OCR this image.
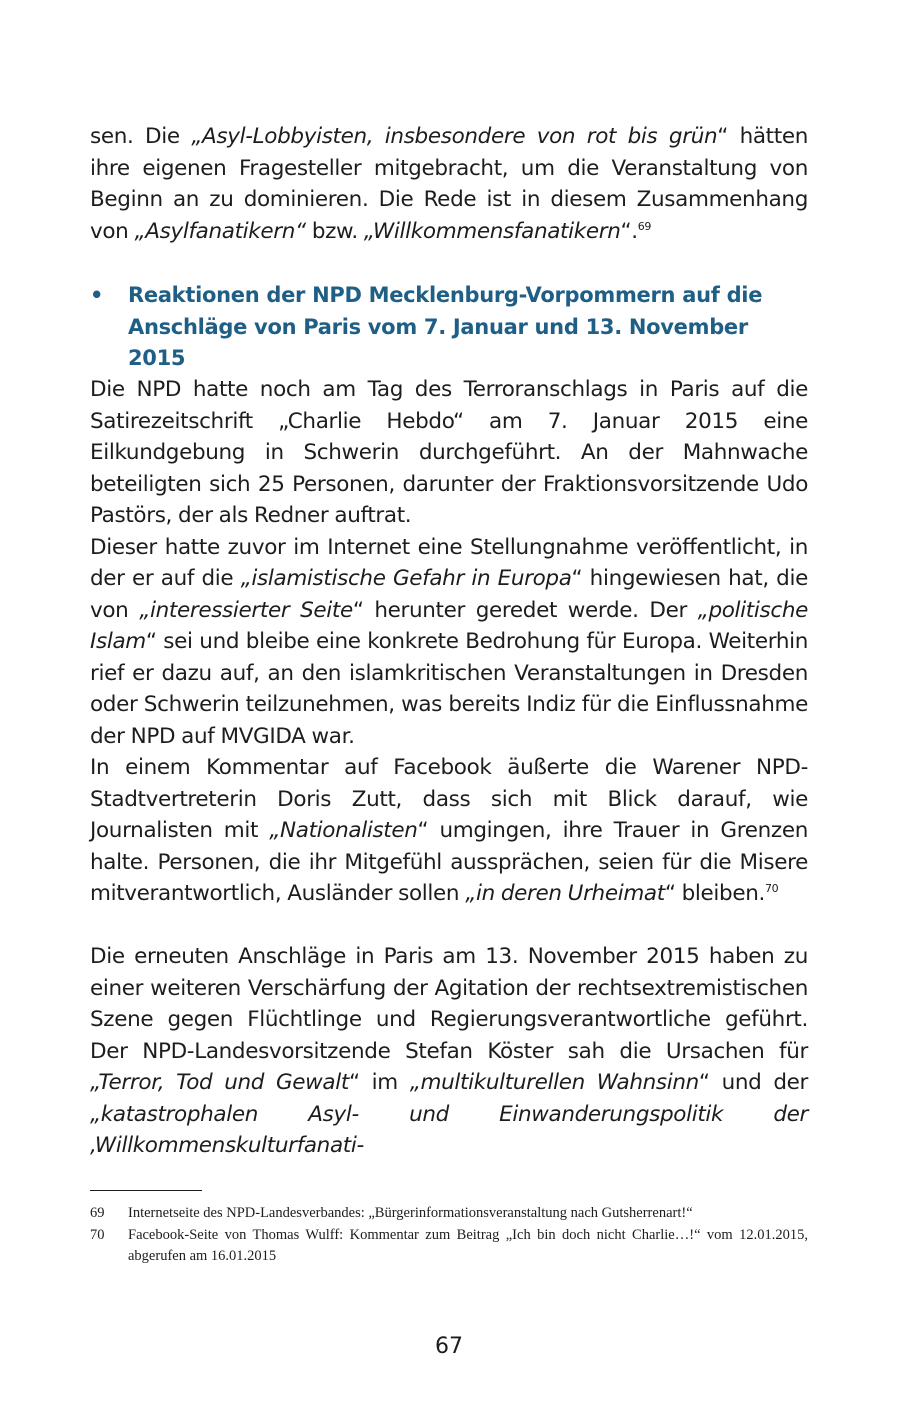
sen. Die „Asyl-Lobbyisten, insbesondere von rot bis grün“ hätten ihre eigenen Fragesteller mitgebracht, um die Veranstaltung von Beginn an zu dominieren. Die Rede ist in diesem Zusammenhang von „Asylfanatikern“ bzw. „Willkommensfanatikern“.$^{69}$

• Reaktionen der NPD Mecklenburg-Vorpommern auf die Anschläge von Paris vom 7. Januar und 13. November 2015

Die NPD hatte noch am Tag des Terroranschlags in Paris auf die Satirezeitschrift „Charlie Hebdo“ am 7. Januar 2015 eine Eilkundgebung in Schwerin durchgeführt. An der Mahnwache beteiligten sich 25 Personen, darunter der Fraktionsvorsitzende Udo Pastörs, der als Redner auftrat.
Dieser hatte zuvor im Internet eine Stellungnahme veröffentlicht, in der er auf die „islamistische Gefahr in Europa“ hingewiesen hat, die von „interessierter Seite“ herunter geredet werde. Der „politische Islam“ sei und bleibe eine konkrete Bedrohung für Europa. Weiterhin rief er dazu auf, an den islamkritischen Veranstaltungen in Dresden oder Schwerin teilzunehmen, was bereits Indiz für die Einflussnahme der NPD auf MVGIDA war.
In einem Kommentar auf Facebook äußerte die Warener NPD-Stadtvertreterin Doris Zutt, dass sich mit Blick darauf, wie Journalisten mit „Nationalisten“ umgingen, ihre Trauer in Grenzen halte. Personen, die ihr Mitgefühl aussprächen, seien für die Misere mitverantwortlich, Ausländer sollen „in deren Urheimat“ bleiben.$^{70}$

Die erneuten Anschläge in Paris am 13. November 2015 haben zu einer weiteren Verschärfung der Agitation der rechtsextremistischen Szene gegen Flüchtlinge und Regierungsverantwortliche geführt. Der NPD-Landesvorsitzende Stefan Köster sah die Ursachen für „Terror, Tod und Gewalt“ im „multikulturellen Wahnsinn“ und der „katastrophalen Asyl- und Einwanderungspolitik der ‚Willkommenskulturfanati-

69 Internetseite des NPD-Landesverbandes: „Bürgerinformationsveranstaltung nach Gutsherrenart!“
70 Facebook-Seite von Thomas Wulff: Kommentar zum Beitrag „Ich bin doch nicht Charlie…!“ vom 12.01.2015, abgerufen am 16.01.2015
67
